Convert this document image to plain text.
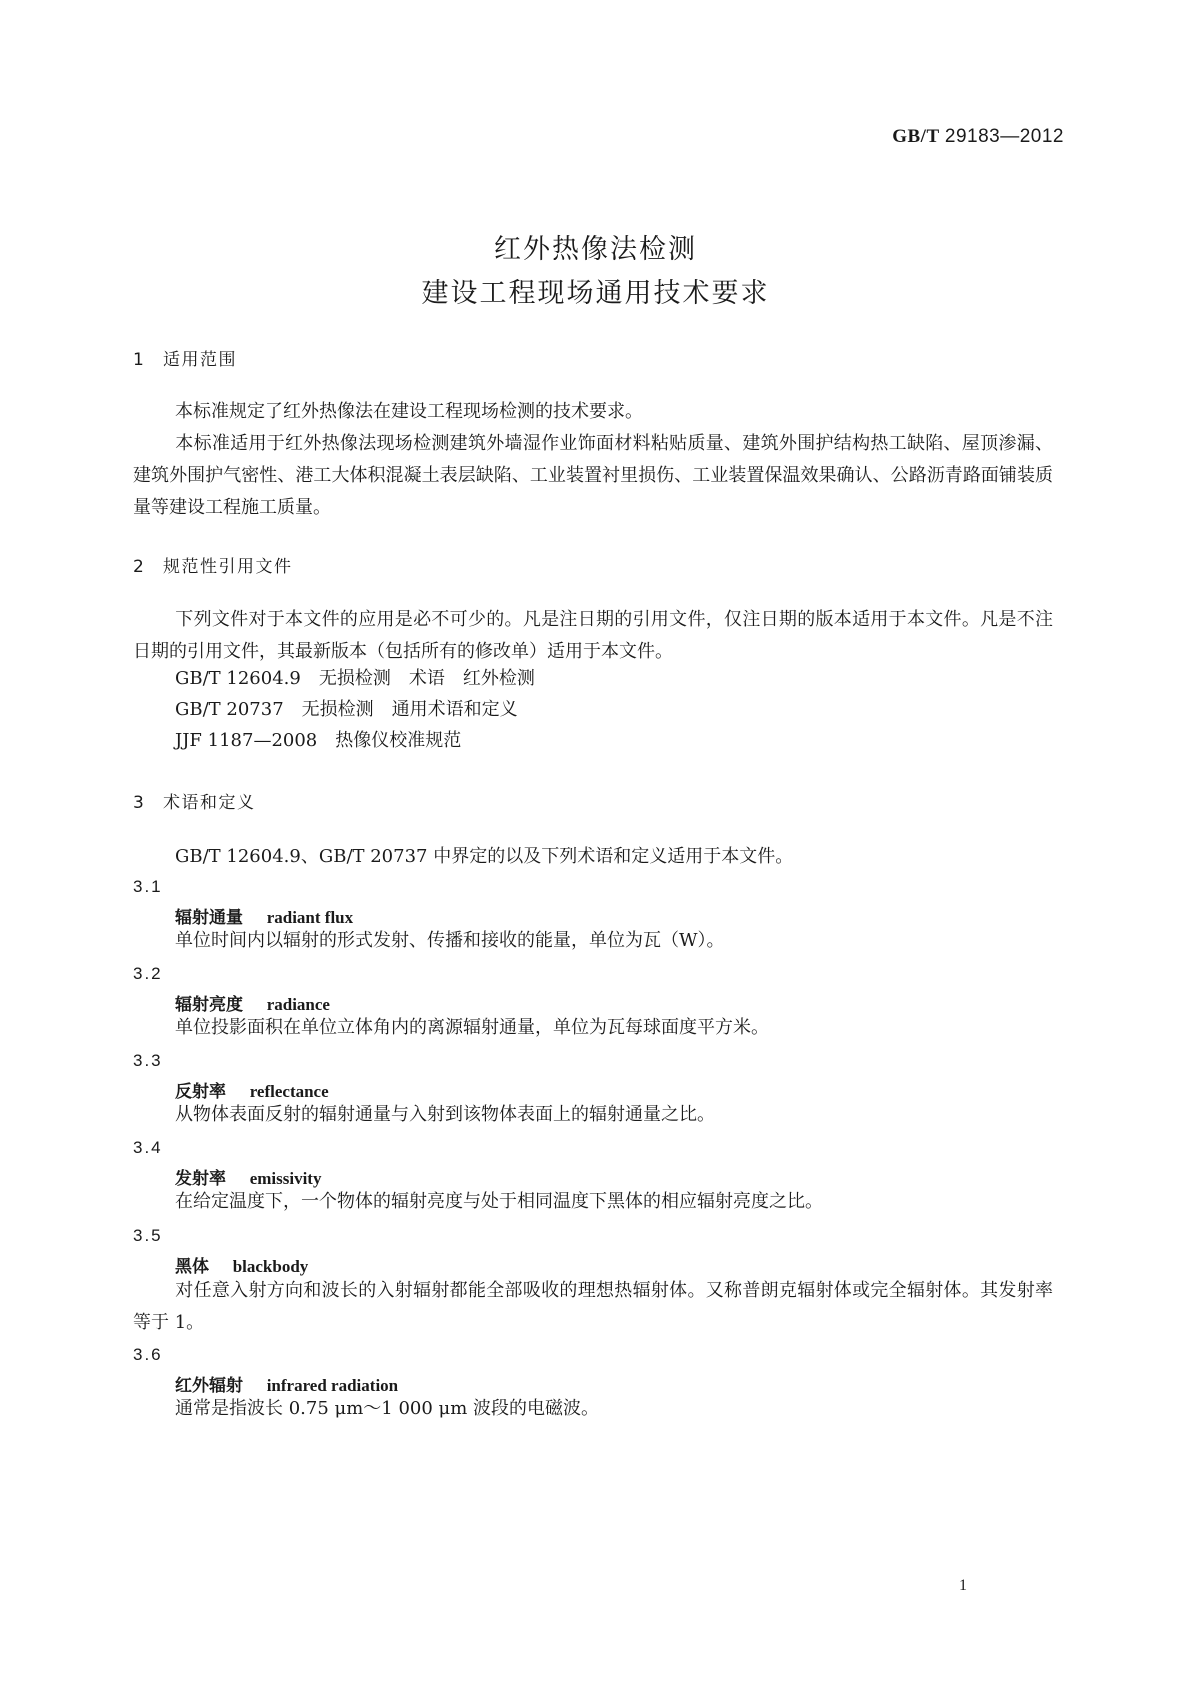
GB/T 29183—2012
红外热像法检测
建设工程现场通用技术要求
1 适用范围
本标准规定了红外热像法在建设工程现场检测的技术要求。
本标准适用于红外热像法现场检测建筑外墙湿作业饰面材料粘贴质量、建筑外围护结构热工缺陷、屋顶渗漏、建筑外围护气密性、港工大体积混凝土表层缺陷、工业装置衬里损伤、工业装置保温效果确认、公路沥青路面铺装质量等建设工程施工质量。
2 规范性引用文件
下列文件对于本文件的应用是必不可少的。凡是注日期的引用文件，仅注日期的版本适用于本文件。凡是不注日期的引用文件，其最新版本（包括所有的修改单）适用于本文件。
GB/T 12604.9　无损检测　术语　红外检测
GB/T 20737　无损检测　通用术语和定义
JJF 1187—2008　热像仪校准规范
3 术语和定义
GB/T 12604.9、GB/T 20737 中界定的以及下列术语和定义适用于本文件。
3.1
辐射通量 radiant flux
单位时间内以辐射的形式发射、传播和接收的能量，单位为瓦（W）。
3.2
辐射亮度 radiance
单位投影面积在单位立体角内的离源辐射通量，单位为瓦每球面度平方米。
3.3
反射率 reflectance
从物体表面反射的辐射通量与入射到该物体表面上的辐射通量之比。
3.4
发射率 emissivity
在给定温度下，一个物体的辐射亮度与处于相同温度下黑体的相应辐射亮度之比。
3.5
黑体 blackbody
对任意入射方向和波长的入射辐射都能全部吸收的理想热辐射体。又称普朗克辐射体或完全辐射体。其发射率等于 1。
3.6
红外辐射 infrared radiation
通常是指波长 0.75 μm～1 000 μm 波段的电磁波。
1
